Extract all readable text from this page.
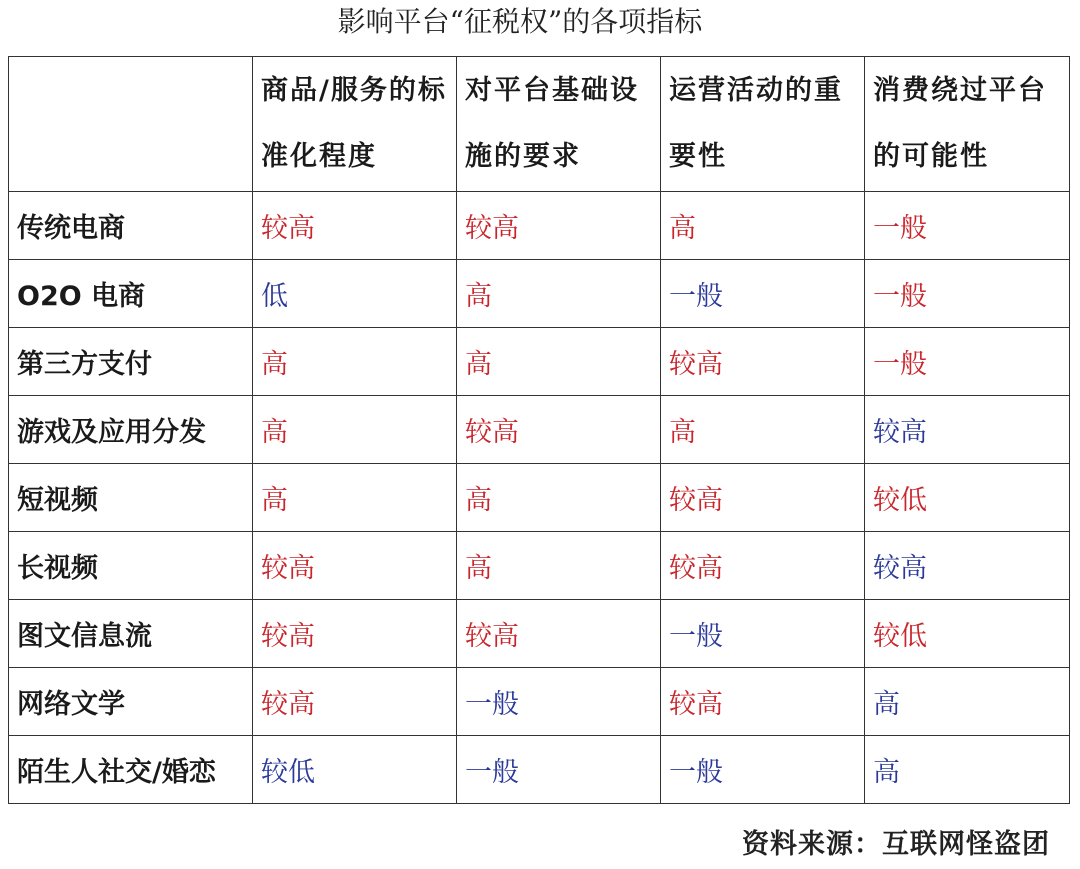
影响平台“征税权”的各项指标
	商品/服务的标准化程度	对平台基础设施的要求	运营活动的重要性	消费绕过平台的可能性
传统电商	较高	较高	高	一般
O2O 电商	低	高	一般	一般
第三方支付	高	高	较高	一般
游戏及应用分发	高	较高	高	较高
短视频	高	高	较高	较低
长视频	较高	高	较高	较高
图文信息流	较高	较高	一般	较低
网络文学	较高	一般	较高	高
陌生人社交/婚恋	较低	一般	一般	高
资料来源：互联网怪盗团
